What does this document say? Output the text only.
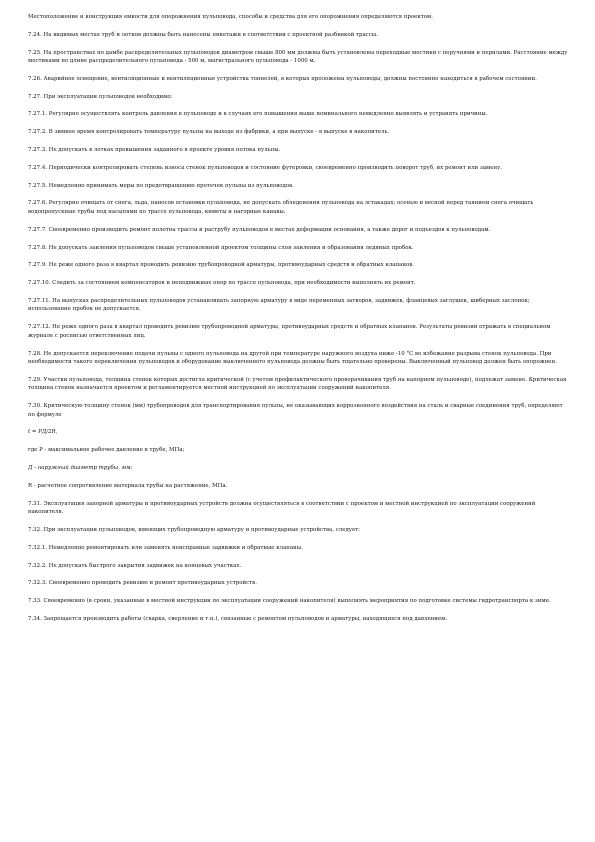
Местоположение и конструкция емкости для опорожнения пульповода, способы и средства для его опорожнения определяются проектом.

7.24. На видимых местах труб и лотков должны быть нанесены пикетажи в соответствии с проектной разбивкой трассы.

7.25. На пространствах по дамбе распределительных пульповодов диаметром свыше 800 мм должны быть установлены переходные мостики с поручнями и перилами. Расстояние между мостиками по длине распределительного пульповода - 500 м, магистрального пульповода - 1000 м.

7.26. Аварийное освещение, вентиляционные и вентиляционные устройства тоннелей, в которых проложены пульповоды, должны постоянно находиться в рабочем состоянии.

7.27. При эксплуатации пульповодов необходимо:

7.27.1. Регулярно осуществлять контроль давления в пульповоде и в случаях его повышения выше номинального немедленно выявлять и устранять причины.

7.27.2. В зимнее время контролировать температуру пульпы на выходе из фабрики, а при выпуске - в выпуске в накопитель.

7.27.3. Не допускать в лотках превышения заданного в проекте уровня потока пульпы.

7.27.4. Периодически контролировать степень износа стенок пульповодов и состояние футеровки, своевременно производить поворот труб, их ремонт или замену.

7.27.5. Немедленно принимать меры по предотвращению протечек пульпы из пульповодов.

7.27.6. Регулярно очищать от снега, льда, наносов остановки пульповода, не допускать обледенения пульповода на эстакадах; осенью и весной перед таянием снега очищать водопропускные трубы под насыпями по трассе пульповода, кюветы и нагорные канавы.

7.27.7. Своевременно производить ремонт полотна трассы и раструбу пульповодов в местах деформации основания, а также дорог и подъездов к пульповодам.

7.27.8. Не допускать заиления пульповодов свыше установленной проектом толщины слоя заиления и образования ледяных пробок.

7.27.9. Не реже одного раза в квартал проводить ревизию трубопроводной арматуры, противоударных средств и обратных клапанов.

7.27.10. Следить за состоянием компенсаторов и неподвижных опор по трассе пульповода, при необходимости выполнять их ремонт.

7.27.11. На выпусках распределительных пульповодов устанавливать запорную арматуру в виде переменных затворов, задвижек, фланцевых заглушек, шиберных заслонок; использование пробок не допускается.

7.27.12. Не реже одного раза в квартал проводить ревизию трубопроводной арматуры, противоударных средств и обратных клапанов. Результаты ревизии отражать в специальном журнале с росписью ответственных лиц.

7.28. Не допускается переключение подачи пульпы с одного пульповода на другой при температуре наружного воздуха ниже -10 °С во избежание разрыва стенок пульповода. При необходимости такого переключения пульповодов и оборудование выключенного пульповода должны быть тщательно проверены. Выключенный пульповод должен быть опорожнен.

7.29. Участки пульповода, толщина стенок которых достигла критической (с учетом профилактического проворачивания труб на напорном пульповоде), подлежат замене. Критическая толщина стенок назначается проектом и регламентируется местной инструкцией по эксплуатации сооружений накопителя.

7.30. Критическую толщину стенок (мм) трубопроводов для транспортирования пульпы, не оказывающих коррозионного воздействия на сталь и сварные соединения труб, определяют по формуле

t = PД/2R,

где Р - максимальное рабочее давление в трубе, МПа;

Д - наружный диаметр трубы, мм;

R - расчетное сопротивление материала трубы на растяжение, МПа.

7.31. Эксплуатация запорной арматуры и противоударных устройств должна осуществляться в соответствии с проектом и местной инструкцией по эксплуатации сооружений накопителя.

7.32. При эксплуатации пульповодов, имеющих трубопроводную арматуру и противоударные устройства, следует:

7.32.1. Немедленно ремонтировать или заменять неисправные задвижки и обратные клапаны.

7.32.2. Не допускать быстрого закрытия задвижек на концевых участках.

7.32.3. Своевременно проводить ревизию и ремонт противоударных устройств.

7.33. Своевременно (в сроки, указанные в местной инструкции по эксплуатации сооружений накопителя) выполнять мероприятия по подготовке системы гидротранспорта к зиме.

7.34. Запрещается производить работы (сварка, сверление и т.п.), связанные с ремонтом пульповодов и арматуры, находящихся под давлением.
